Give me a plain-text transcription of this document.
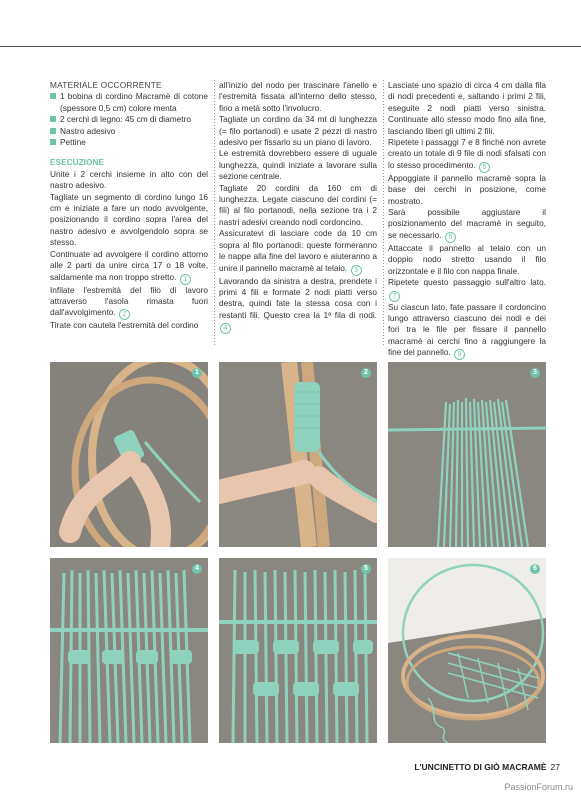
MATERIALE OCCORRENTE

1 bobina di cordino Macramè di cotone (spessore 0,5 cm) colore menta

2 cerchi di legno: 45 cm di diametro

Nastro adesivo

Pettine

ESECUZIONE

Unite i 2 cerchi insieme in alto con del nastro adesivo.

Tagliate un segmento di cordino lungo 16 cm e iniziate a fare un nodo avvolgente, posizionando il cordino sopra l'area del nastro adesivo e avvolgendolo sopra se stesso.

Continuate ad avvolgere il cordino attorno alle 2 parti da unire circa 17 o 18 volte, saldamente ma non troppo stretto. 1

Infilate l'estremità del filo di lavoro attraverso l'asola rimasta fuori dall'avvolgimento. 2

Tirate con cautela l'estremità del cordino

all'inizio del nodo per trascinare l'anello e l'estremità fissata all'interno dello stesso, fino a metà sotto l'involucro.

Tagliate un cordino da 34 mt di lunghezza (= filo portanodi) e usate 2 pezzi di nastro adesivo per fissarlo su un piano di lavoro.

Le estremità dovrebbero essere di uguale lunghezza, quindi iniziate a lavorare sulla sezione centrale.

Tagliate 20 cordini da 160 cm di lunghezza. Legate ciascuno dei cordini (= fili) al filo portanodi, nella sezione tra i 2 nastri adesivi creando nodi cordoncino.

Assicuratevi di lasciare code da 10 cm sopra al filo portanodi: queste formeranno le nappe alla fine del lavoro e aiuteranno a unire il pannello macramè al telaio. 3

Lavorando da sinistra a destra, prendete i primi 4 fili e formate 2 nodi piatti verso destra, quindi fate la stessa cosa con i restanti fili. Questo crea la 1ª fila di nodi. 4

Lasciate uno spazio di circa 4 cm dalla fila di nodi precedenti e, saltando i primi 2 fili, eseguite 2 nodi piatti verso sinistra. Continuate allo stesso modo fino alla fine, lasciando liberi gli ultimi 2 fili.

Ripetete i passaggi 7 e 8 finché non avrete creato un totale di 9 file di nodi sfalsati con lo stesso procedimento. 5

Appoggiate il pannello macramè sopra la base dei cerchi in posizione, come mostrato.

Sarà possibile aggiustare il posizionamento del macramè in seguito, se necessario. 6

Attaccate il pannello al telaio con un doppio nodo stretto usando il filo orizzontale e il filo con nappa finale.

Ripetete questo passaggio sull'altro lato. 7

Su ciascun lato, fate passare il cordoncino lungo attraverso ciascuno dei nodi e dei fori tra le file per fissare il pannello macramè ai cerchi fino a raggiungere la fine del pannello. 8

1	2	3
4	5	6
L'UNCINETTO DI GIÒ MACRAMÈ 27
PassionForum.ru
